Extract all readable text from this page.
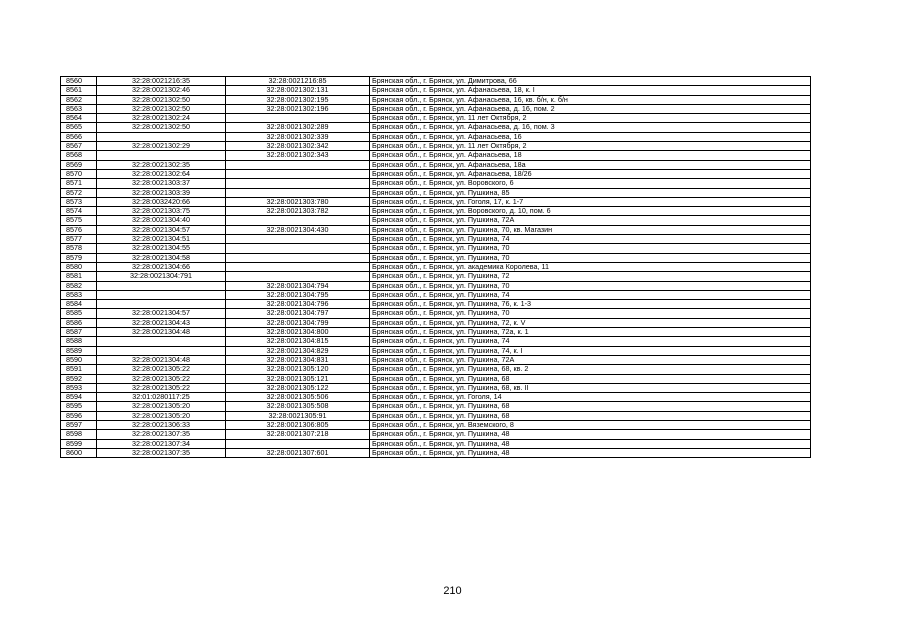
8560	32:28:0021216:35	32:28:0021216:85	Брянская обл., г. Брянск, ул. Димитрова, 66
8561	32:28:0021302:46	32:28:0021302:131	Брянская обл., г. Брянск, ул. Афанасьева, 18, к. I
8562	32:28:0021302:50	32:28:0021302:195	Брянская обл., г. Брянск, ул. Афанасьева, 16, кв. б/н, к. б/н
8563	32:28:0021302:50	32:28:0021302:196	Брянская обл., г. Брянск, ул. Афанасьева, д. 16, пом. 2
8564	32:28:0021302:24		Брянская обл., г. Брянск, ул. 11 лет Октября, 2
8565	32:28:0021302:50	32:28:0021302:289	Брянская обл., г. Брянск, ул. Афанасьева, д. 16, пом. 3
8566		32:28:0021302:339	Брянская обл., г. Брянск, ул. Афанасьева, 16
8567	32:28:0021302:29	32:28:0021302:342	Брянская обл., г. Брянск, ул. 11 лет Октября, 2
8568		32:28:0021302:343	Брянская обл., г. Брянск, ул. Афанасьева, 18
8569	32:28:0021302:35		Брянская обл., г. Брянск, ул. Афанасьева, 18а
8570	32:28:0021302:64		Брянская обл., г. Брянск, ул. Афанасьева, 18/26
8571	32:28:0021303:37		Брянская обл., г. Брянск, ул. Воровского, 6
8572	32:28:0021303:39		Брянская обл., г. Брянск, ул. Пушкина, 85
8573	32:28:0032420:66	32:28:0021303:780	Брянская обл., г. Брянск, ул. Гоголя, 17, к. 1-7
8574	32:28:0021303:75	32:28:0021303:782	Брянская обл., г. Брянск, ул. Воровского, д. 10, пом. 6
8575	32:28:0021304:40		Брянская обл., г. Брянск, ул. Пушкина, 72А
8576	32:28:0021304:57	32:28:0021304:430	Брянская обл., г. Брянск, ул. Пушкина, 70, кв. Магазин
8577	32:28:0021304:51		Брянская обл., г. Брянск, ул. Пушкина, 74
8578	32:28:0021304:55		Брянская обл., г. Брянск, ул. Пушкина, 70
8579	32:28:0021304:58		Брянская обл., г. Брянск, ул. Пушкина, 70
8580	32:28:0021304:66		Брянская обл., г. Брянск, ул. академика Королева, 11
8581	32:28:0021304:791		Брянская обл., г. Брянск, ул. Пушкина, 72
8582		32:28:0021304:794	Брянская обл., г. Брянск, ул. Пушкина, 70
8583		32:28:0021304:795	Брянская обл., г. Брянск, ул. Пушкина, 74
8584		32:28:0021304:796	Брянская обл., г. Брянск, ул. Пушкина, 76, к. 1-3
8585	32:28:0021304:57	32:28:0021304:797	Брянская обл., г. Брянск, ул. Пушкина, 70
8586	32:28:0021304:43	32:28:0021304:799	Брянская обл., г. Брянск, ул. Пушкина, 72, к. V
8587	32:28:0021304:48	32:28:0021304:800	Брянская обл., г. Брянск, ул. Пушкина, 72а, к. 1
8588		32:28:0021304:815	Брянская обл., г. Брянск, ул. Пушкина, 74
8589		32:28:0021304:829	Брянская обл., г. Брянск, ул. Пушкина, 74, к. I
8590	32:28:0021304:48	32:28:0021304:831	Брянская обл., г. Брянск, ул. Пушкина, 72А
8591	32:28:0021305:22	32:28:0021305:120	Брянская обл., г. Брянск, ул. Пушкина, 68, кв. 2
8592	32:28:0021305:22	32:28:0021305:121	Брянская обл., г. Брянск, ул. Пушкина, 68
8593	32:28:0021305:22	32:28:0021305:122	Брянская обл., г. Брянск, ул. Пушкина, 68, кв. II
8594	32:01:0280117:25	32:28:0021305:506	Брянская обл., г. Брянск, ул. Гоголя, 14
8595	32:28:0021305:20	32:28:0021305:508	Брянская обл., г. Брянск, ул. Пушкина, 68
8596	32:28:0021305:20	32:28:0021305:91	Брянская обл., г. Брянск, ул. Пушкина, 68
8597	32:28:0021306:33	32:28:0021306:805	Брянская обл., г. Брянск, ул. Вяземского, 8
8598	32:28:0021307:35	32:28:0021307:218	Брянская обл., г. Брянск, ул. Пушкина, 48
8599	32:28:0021307:34		Брянская обл., г. Брянск, ул. Пушкина, 48
8600	32:28:0021307:35	32:28:0021307:601	Брянская обл., г. Брянск, ул. Пушкина, 48
210
